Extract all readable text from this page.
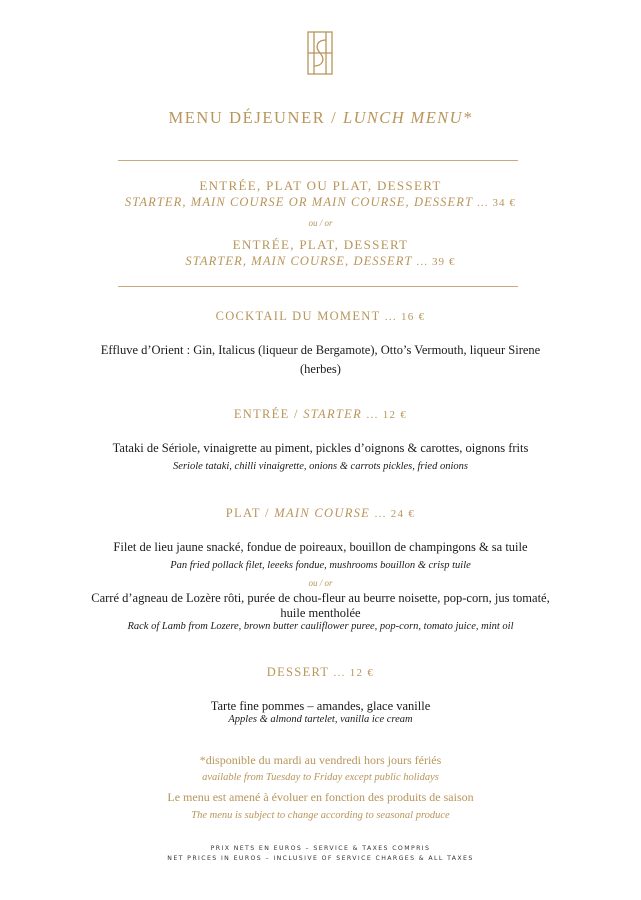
MENU DÉJEUNER / LUNCH MENU*
ENTRÉE, PLAT OU PLAT, DESSERT
STARTER, MAIN COURSE OR MAIN COURSE, DESSERT ... 34 €
ou / or
ENTRÉE, PLAT, DESSERT
STARTER, MAIN COURSE, DESSERT ... 39 €
COCKTAIL DU MOMENT ... 16 €
Effluve d’Orient : Gin, Italicus (liqueur de Bergamote), Otto’s Vermouth, liqueur Sirene
(herbes)
ENTRÉE / STARTER ... 12 €
Tataki de Sériole, vinaigrette au piment, pickles d’oignons & carottes, oignons frits
Seriole tataki, chilli vinaigrette, onions & carrots pickles, fried onions
PLAT / MAIN COURSE ... 24 €
Filet de lieu jaune snacké, fondue de poireaux, bouillon de champingons & sa tuile
Pan fried pollack filet, leeeks fondue, mushrooms bouillon & crisp tuile
ou / or
Carré d’agneau de Lozère rôti, purée de chou-fleur au beurre noisette, pop-corn, jus tomaté,
huile mentholée
Rack of Lamb from Lozere, brown butter cauliflower puree, pop-corn, tomato juice, mint oil
DESSERT ... 12 €
Tarte fine pommes – amandes, glace vanille
Apples & almond tartelet, vanilla ice cream
*disponible du mardi au vendredi hors jours fériés
available from Tuesday to Friday except public holidays
Le menu est amené à évoluer en fonction des produits de saison
The menu is subject to change according to seasonal produce
PRIX NETS EN EUROS – SERVICE & TAXES COMPRIS
NET PRICES IN EUROS – INCLUSIVE OF SERVICE CHARGES & ALL TAXES
